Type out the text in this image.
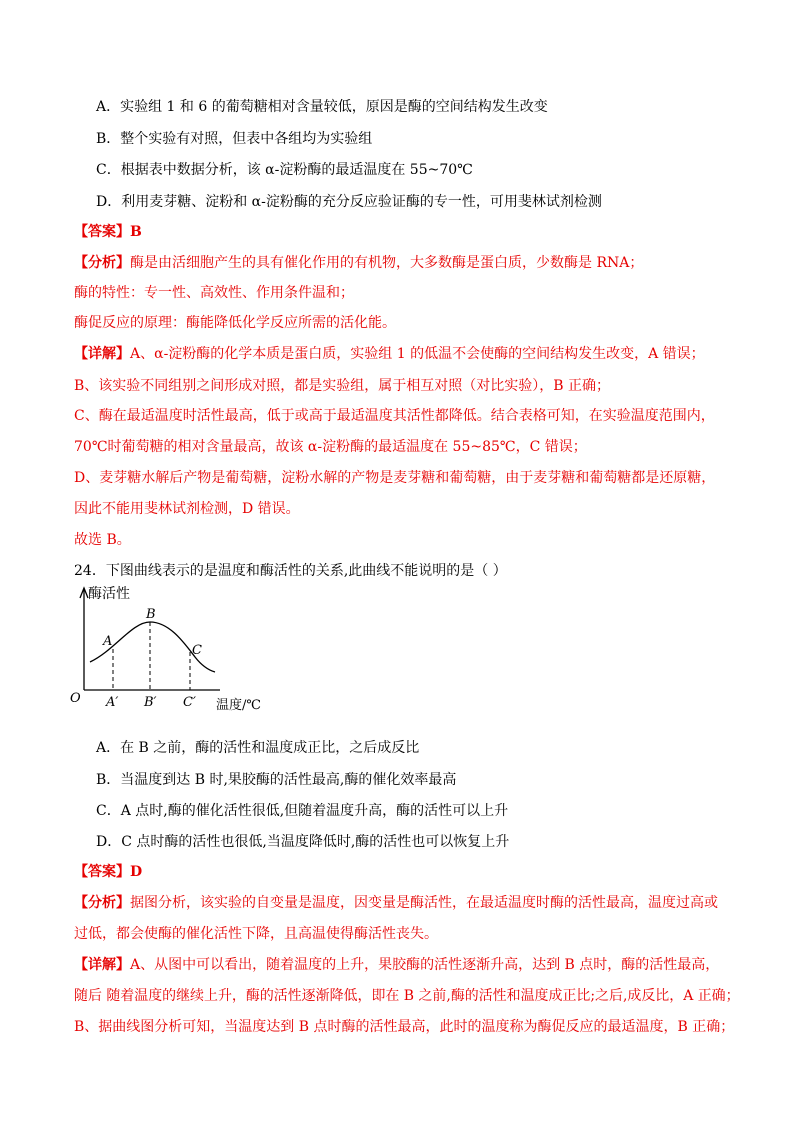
A．实验组 1 和 6 的葡萄糖相对含量较低，原因是酶的空间结构发生改变
B．整个实验有对照，但表中各组均为实验组
C．根据表中数据分析，该 α-淀粉酶的最适温度在 55~70℃
D．利用麦芽糖、淀粉和 α-淀粉酶的充分反应验证酶的专一性，可用斐林试剂检测
【答案】B
【分析】酶是由活细胞产生的具有催化作用的有机物，大多数酶是蛋白质，少数酶是 RNA；
酶的特性：专一性、高效性、作用条件温和；
酶促反应的原理：酶能降低化学反应所需的活化能。
【详解】A、α-淀粉酶的化学本质是蛋白质，实验组 1 的低温不会使酶的空间结构发生改变，A 错误；
B、该实验不同组别之间形成对照，都是实验组，属于相互对照（对比实验），B 正确；
C、酶在最适温度时活性最高，低于或高于最适温度其活性都降低。结合表格可知，在实验温度范围内，
70℃时葡萄糖的相对含量最高，故该 α-淀粉酶的最适温度在 55~85℃，C 错误；
D、麦芽糖水解后产物是葡萄糖，淀粉水解的产物是麦芽糖和葡萄糖，由于麦芽糖和葡萄糖都是还原糖，
因此不能用斐林试剂检测，D 错误。
故选 B。
24．下图曲线表示的是温度和酶活性的关系,此曲线不能说明的是（ ）
酶活性
O
A
B
C
A′ B′ C′ 温度/℃
A．在 B 之前，酶的活性和温度成正比，之后成反比
B．当温度到达 B 时,果胶酶的活性最高,酶的催化效率最高
C．A 点时,酶的催化活性很低,但随着温度升高，酶的活性可以上升
D．C 点时酶的活性也很低,当温度降低时,酶的活性也可以恢复上升
【答案】D
【分析】据图分析，该实验的自变量是温度，因变量是酶活性，在最适温度时酶的活性最高，温度过高或
过低，都会使酶的催化活性下降，且高温使得酶活性丧失。
【详解】A、从图中可以看出，随着温度的上升，果胶酶的活性逐渐升高，达到 B 点时，酶的活性最高，
随后 随着温度的继续上升，酶的活性逐渐降低，即在 B 之前,酶的活性和温度成正比;之后,成反比，A 正确；
B、据曲线图分析可知，当温度达到 B 点时酶的活性最高，此时的温度称为酶促反应的最适温度，B 正确；
